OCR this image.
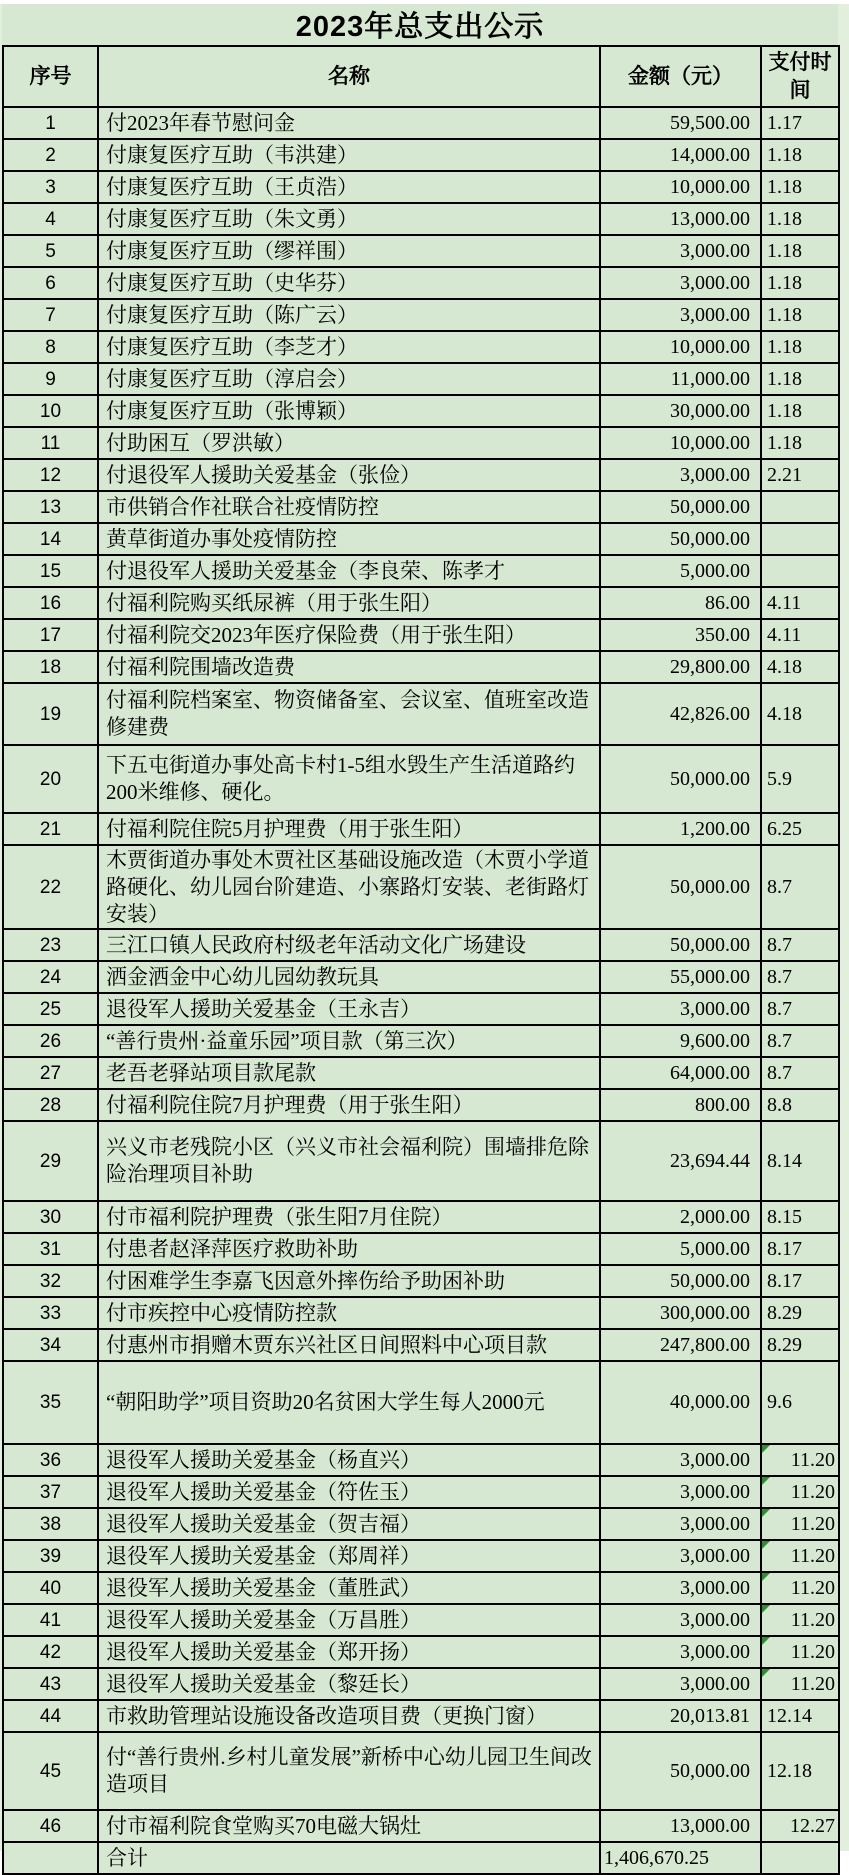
2023年总支出公示
序号	名称	金额（元）	支付时间
1	付2023年春节慰问金	59,500.00	1.17
2	付康复医疗互助（韦洪建）	14,000.00	1.18
3	付康复医疗互助（王贞浩）	10,000.00	1.18
4	付康复医疗互助（朱文勇）	13,000.00	1.18
5	付康复医疗互助（缪祥围）	3,000.00	1.18
6	付康复医疗互助（史华芬）	3,000.00	1.18
7	付康复医疗互助（陈广云）	3,000.00	1.18
8	付康复医疗互助（李芝才）	10,000.00	1.18
9	付康复医疗互助（淳启会）	11,000.00	1.18
10	付康复医疗互助（张博颖）	30,000.00	1.18
11	付助困互（罗洪敏）	10,000.00	1.18
12	付退役军人援助关爱基金（张俭）	3,000.00	2.21
13	市供销合作社联合社疫情防控	50,000.00	
14	黄草街道办事处疫情防控	50,000.00	
15	付退役军人援助关爱基金（李良荣、陈孝才	5,000.00	
16	付福利院购买纸尿裤（用于张生阳）	86.00	4.11
17	付福利院交2023年医疗保险费（用于张生阳）	350.00	4.11
18	付福利院围墙改造费	29,800.00	4.18
19	付福利院档案室、物资储备室、会议室、值班室改造修建费	42,826.00	4.18
20	下五屯街道办事处高卡村1-5组水毁生产生活道路约200米维修、硬化。	50,000.00	5.9
21	付福利院住院5月护理费（用于张生阳）	1,200.00	6.25
22	木贾街道办事处木贾社区基础设施改造（木贾小学道路硬化、幼儿园台阶建造、小寨路灯安装、老街路灯安装）	50,000.00	8.7
23	三江口镇人民政府村级老年活动文化广场建设	50,000.00	8.7
24	洒金洒金中心幼儿园幼教玩具	55,000.00	8.7
25	退役军人援助关爱基金（王永吉）	3,000.00	8.7
26	“善行贵州·益童乐园”项目款（第三次）	9,600.00	8.7
27	老吾老驿站项目款尾款	64,000.00	8.7
28	付福利院住院7月护理费（用于张生阳）	800.00	8.8
29	兴义市老残院小区（兴义市社会福利院）围墙排危除险治理项目补助	23,694.44	8.14
30	付市福利院护理费（张生阳7月住院）	2,000.00	8.15
31	付患者赵泽萍医疗救助补助	5,000.00	8.17
32	付困难学生李嘉飞因意外摔伤给予助困补助	50,000.00	8.17
33	付市疾控中心疫情防控款	300,000.00	8.29
34	付惠州市捐赠木贾东兴社区日间照料中心项目款	247,800.00	8.29
35	“朝阳助学”项目资助20名贫困大学生每人2000元	40,000.00	9.6
36	退役军人援助关爱基金（杨直兴）	3,000.00	11.20

37	退役军人援助关爱基金（符佐玉）	3,000.00	11.20

38	退役军人援助关爱基金（贺吉福）	3,000.00	11.20

39	退役军人援助关爱基金（郑周祥）	3,000.00	11.20

40	退役军人援助关爱基金（董胜武）	3,000.00	11.20

41	退役军人援助关爱基金（万昌胜）	3,000.00	11.20

42	退役军人援助关爱基金（郑开扬）	3,000.00	11.20

43	退役军人援助关爱基金（黎廷长）	3,000.00	11.20

44	市救助管理站设施设备改造项目费（更换门窗）	20,013.81	12.14
45	付“善行贵州.乡村儿童发展”新桥中心幼儿园卫生间改造项目	50,000.00	12.18
46	付市福利院食堂购买70电磁大锅灶	13,000.00	12.27
	合计	1,406,670.25	
